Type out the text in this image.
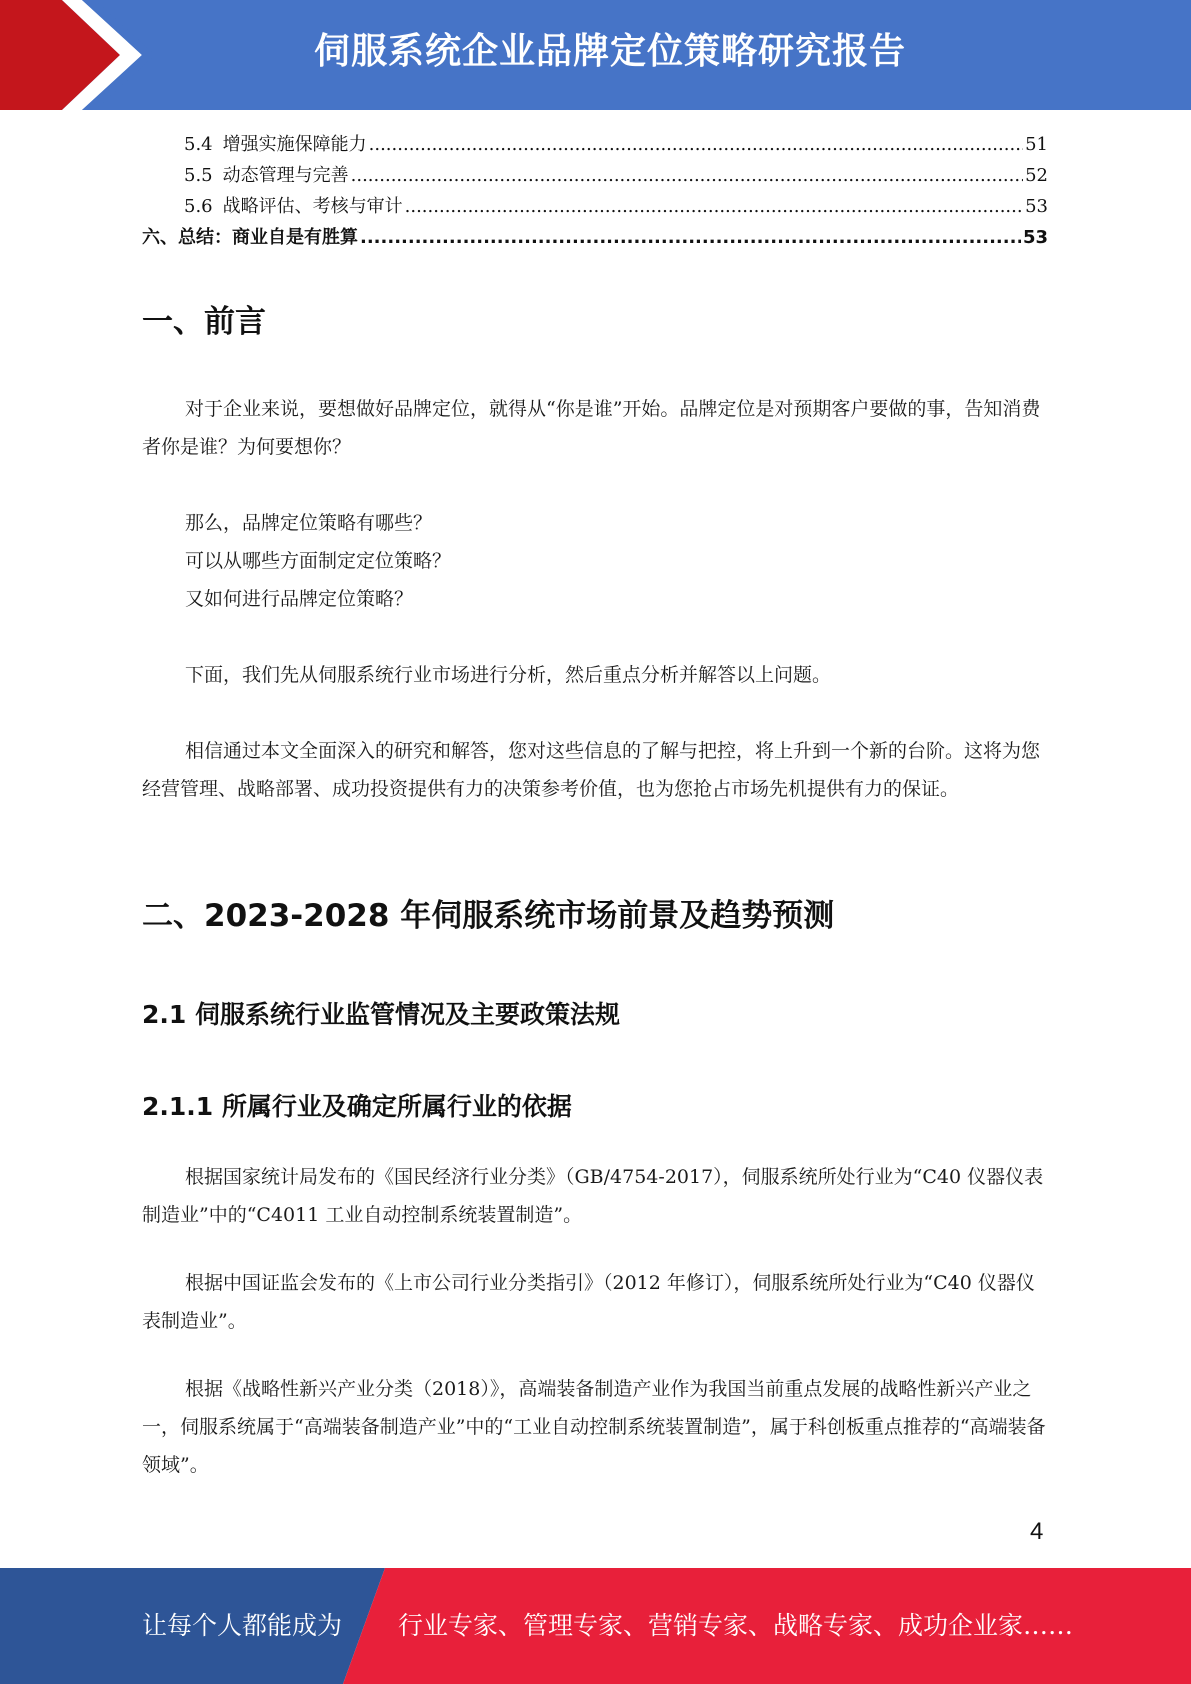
伺服系统企业品牌定位策略研究报告
5.4 增强实施保障能力 .....	51
5.5 动态管理与完善 .....	52
5.6 战略评估、考核与审计 .....	53
六、总结：商业自是有胜算 .....	53
一、前言

对于企业来说，要想做好品牌定位，就得从“你是谁”开始。品牌定位是对预期客户要做的事，告知消费者你是谁？为何要想你？

那么，品牌定位策略有哪些？

可以从哪些方面制定定位策略？

又如何进行品牌定位策略？

下面，我们先从伺服系统行业市场进行分析，然后重点分析并解答以上问题。

相信通过本文全面深入的研究和解答，您对这些信息的了解与把控，将上升到一个新的台阶。这将为您经营管理、战略部署、成功投资提供有力的决策参考价值，也为您抢占市场先机提供有力的保证。

二、2023-2028 年伺服系统市场前景及趋势预测
2.1 伺服系统行业监管情况及主要政策法规
2.1.1 所属行业及确定所属行业的依据

根据国家统计局发布的《国民经济行业分类》（GB/4754-2017），伺服系统所处行业为“C40 仪器仪表制造业”中的“C4011 工业自动控制系统装置制造”。

根据中国证监会发布的《上市公司行业分类指引》（2012 年修订），伺服系统所处行业为“C40 仪器仪表制造业”。

根据《战略性新兴产业分类（2018）》，高端装备制造产业作为我国当前重点发展的战略性新兴产业之一，伺服系统属于“高端装备制造产业”中的“工业自动控制系统装置制造”，属于科创板重点推荐的“高端装备领域”。

4
让每个人都能成为 行业专家、管理专家、营销专家、战略专家、成功企业家……
